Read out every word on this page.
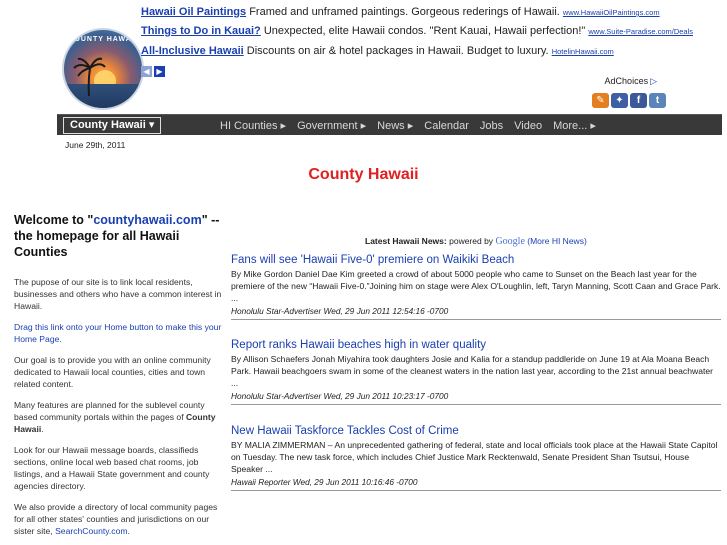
COUNTY HAWAII
Hawaii Oil Paintings Framed and unframed paintings. Gorgeous rederings of Hawaii. www.HawaiiOilPaintings.com
Things to Do in Kauai? Unexpected, elite Hawaii condos. "Rent Kauai, Hawaii perfection!" www.Suite-Paradise.com/Deals
All-Inclusive Hawaii Discounts on air & hotel packages in Hawaii. Budget to luxury. HotelinHawaii.com
◀ ▶
AdChoices ▷
✎	✦	f	t
County Hawaii ▾	HI Counties ▸ Government ▸ News ▸ Calendar Jobs Video More... ▸
June 29th, 2011
County Hawaii
Welcome to "countyhawaii.com" -- the homepage for all Hawaii Counties

The pupose of our site is to link local residents, businesses and others who have a common interest in Hawaii.

Drag this link onto your Home button to make this your Home Page.

Our goal is to provide you with an online community dedicated to Hawaii local counties, cities and town related content.

Many features are planned for the sublevel county based community portals within the pages of County Hawaii.

Look for our Hawaii message boards, classifieds sections, online local web based chat rooms, job listings, and a Hawaii State government and county agencies directory.

We also provide a directory of local community pages for all other states' counties and jurisdictions on our sister site, SearchCounty.com.

Latest Hawaii News: powered by Google (More HI News)
Fans will see 'Hawaii Five-0' premiere on Waikiki Beach
By Mike Gordon Daniel Dae Kim greeted a crowd of about 5000 people who came to Sunset on the Beach last year for the premiere of the new “Hawaii Five-0.”Joining him on stage were Alex O'Loughlin, left, Taryn Manning, Scott Caan and Grace Park. ...
Honolulu Star-Advertiser Wed, 29 Jun 2011 12:54:16 -0700
Report ranks Hawaii beaches high in water quality
By Allison Schaefers Jonah Miyahira took daughters Josie and Kalia for a standup paddleride on June 19 at Ala Moana Beach Park. Hawaii beachgoers swam in some of the cleanest waters in the nation last year, according to the 21st annual beachwater ...
Honolulu Star-Advertiser Wed, 29 Jun 2011 10:23:17 -0700
New Hawaii Taskforce Tackles Cost of Crime
BY MALIA ZIMMERMAN – An unprecedented gathering of federal, state and local officials took place at the Hawaii State Capitol on Tuesday. The new task force, which includes Chief Justice Mark Recktenwald, Senate President Shan Tsutsui, House Speaker ...
Hawaii Reporter Wed, 29 Jun 2011 10:16:46 -0700
